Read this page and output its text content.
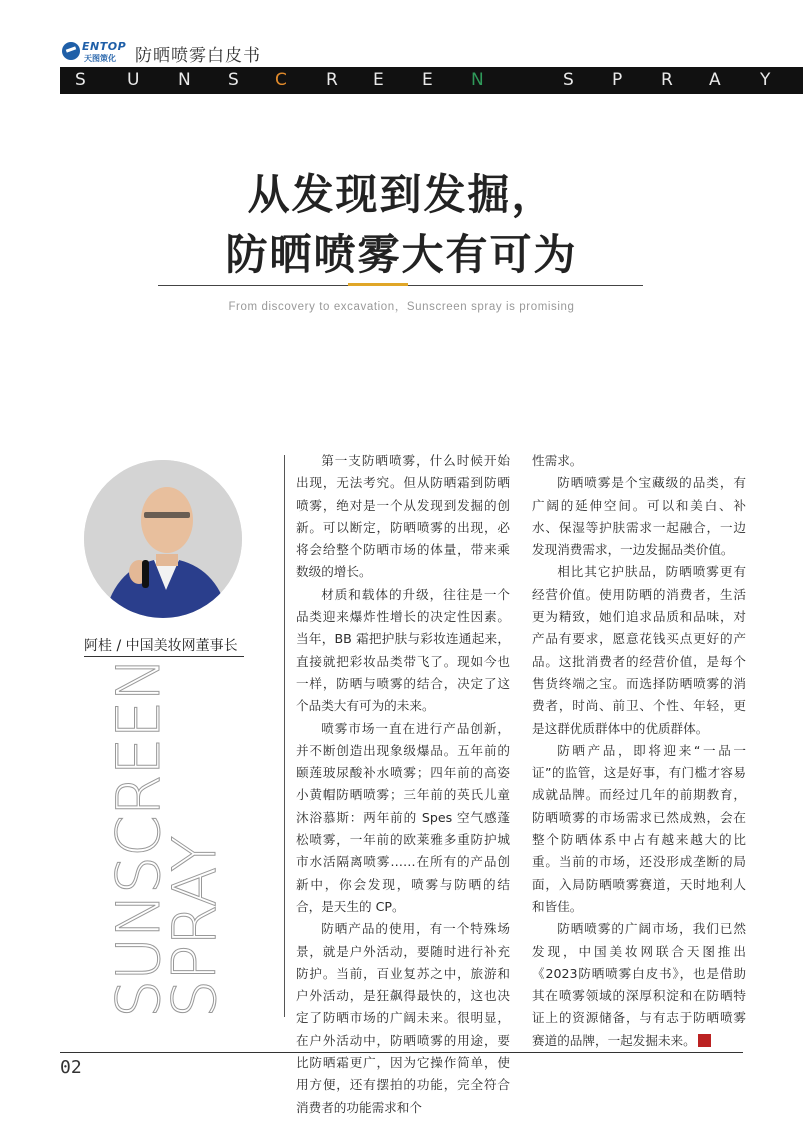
ENTOP
天图策化 防晒喷雾白皮书
S U N S C R E E N	S P R A Y
从发现到发掘，
防晒喷雾大有可为
From discovery to excavation，Sunscreen spray is promising
阿桂 / 中国美妆网董事长
SUNSCREEN
SPRAY

第一支防晒喷雾，什么时候开始出现，无法考究。但从防晒霜到防晒喷雾，绝对是一个从发现到发掘的创新。可以断定，防晒喷雾的出现，必将会给整个防晒市场的体量，带来乘数级的增长。

材质和载体的升级，往往是一个品类迎来爆炸性增长的决定性因素。当年，BB 霜把护肤与彩妆连通起来，直接就把彩妆品类带飞了。现如今也一样，防晒与喷雾的结合，决定了这个品类大有可为的未来。

喷雾市场一直在进行产品创新，并不断创造出现象级爆品。五年前的颐莲玻尿酸补水喷雾；四年前的高姿小黄帽防晒喷雾；三年前的英氏儿童沐浴慕斯：两年前的 Spes 空气感蓬松喷雾，一年前的欧莱雅多重防护城市水活隔离喷雾……在所有的产品创新中，你会发现，喷雾与防晒的结合，是天生的 CP。

防晒产品的使用，有一个特殊场景，就是户外活动，要随时进行补充防护。当前，百业复苏之中，旅游和户外活动，是狂飙得最快的，这也决定了防晒市场的广阔未来。很明显，在户外活动中，防晒喷雾的用途，要比防晒霜更广，因为它操作简单，使用方便，还有摆拍的功能，完全符合消费者的功能需求和个

性需求。

防晒喷雾是个宝藏级的品类，有广阔的延伸空间。可以和美白、补水、保湿等护肤需求一起融合，一边发现消费需求，一边发掘品类价值。

相比其它护肤品，防晒喷雾更有经营价值。使用防晒的消费者，生活更为精致，她们追求品质和品味，对产品有要求，愿意花钱买点更好的产品。这批消费者的经营价值，是每个售货终端之宝。而选择防晒喷雾的消费者，时尚、前卫、个性、年轻，更是这群优质群体中的优质群体。

防晒产品，即将迎来“一品一证”的监管，这是好事，有门槛才容易成就品牌。而经过几年的前期教育，防晒喷雾的市场需求已然成熟，会在整个防晒体系中占有越来越大的比重。当前的市场，还没形成垄断的局面，入局防晒喷雾赛道，天时地利人和皆佳。

防晒喷雾的广阔市场，我们已然发现，中国美妆网联合天图推出《2023防晒喷雾白皮书》，也是借助其在喷雾领域的深厚积淀和在防晒特证上的资源储备，与有志于防晒喷雾赛道的品牌，一起发掘未来。

02
